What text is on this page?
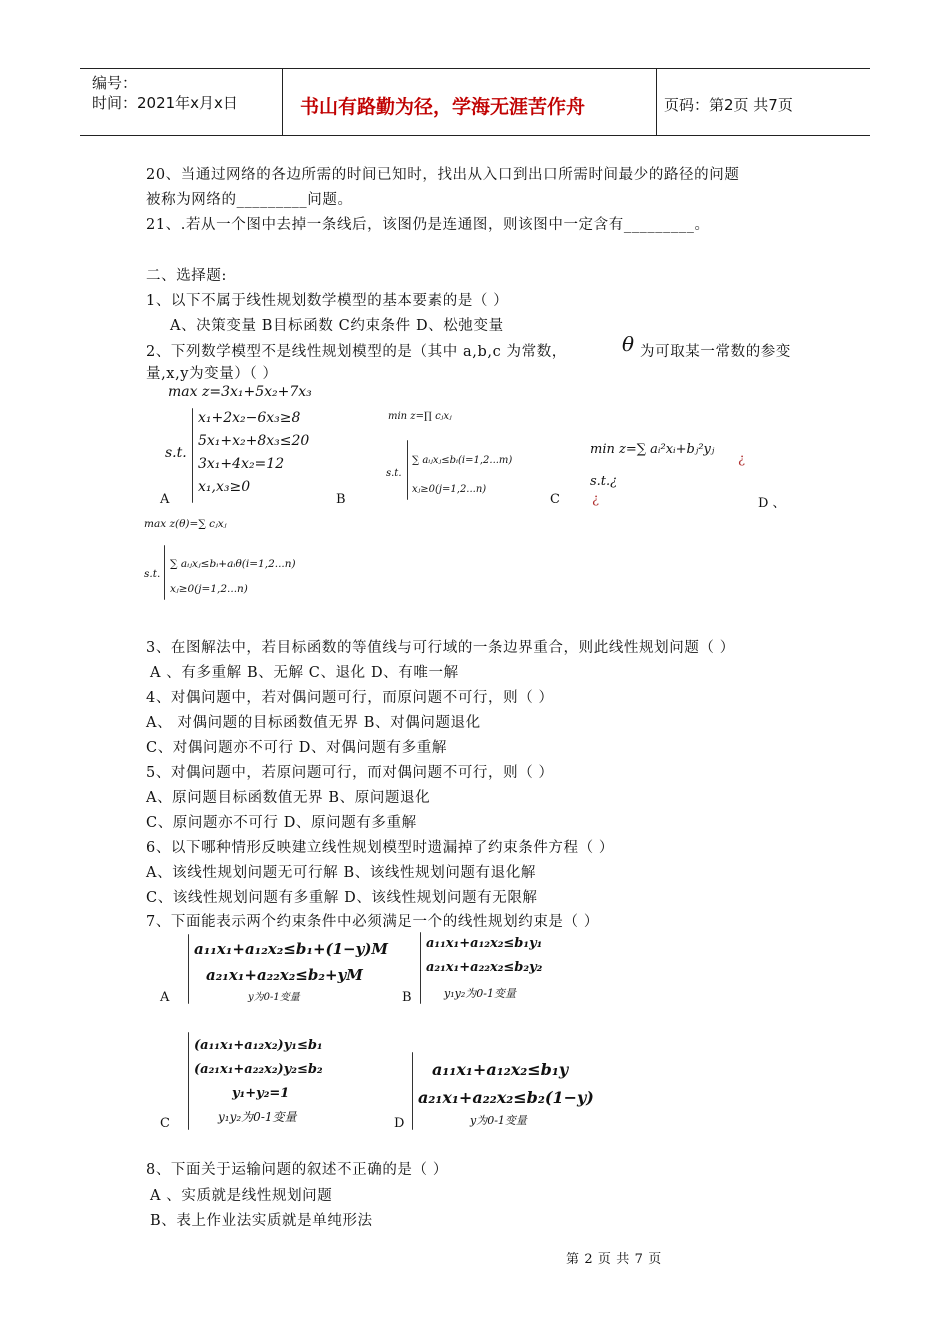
编号：
时间：2021年x月x日	书山有路勤为径，学海无涯苦作舟	页码：第2页 共7页
20、当通过网络的各边所需的时间已知时，找出从入口到出口所需时间最少的路径的问题
被称为网络的_________问题。
21、.若从一个图中去掉一条线后，该图仍是连通图，则该图中一定含有_________。
二、选择题:
1、以下不属于线性规划数学模型的基本要素的是（ ）
A、决策变量 B目标函数 C约束条件 D、松弛变量
2、下列数学模型不是线性规划模型的是（其中 a,b,c 为常数，	θ 为可取某一常数的参变
量,x,y为变量）（ ）
max z=3x₁+5x₂+7x₃
s.t.
x₁+2x₂−6x₃≥8
5x₁+x₂+8x₃≤20
3x₁+4x₂=12
x₁,x₃≥0
A
min z=∏ cⱼxⱼ
s.t.
∑ aᵢⱼxⱼ≤bᵢ(i=1,2...m)
xⱼ≥0(j=1,2...n)
B
min z=∑ aᵢ²xᵢ+bⱼ²yⱼ
¿
s.t.¿
¿
C	D 、
max z(θ)=∑ cⱼxⱼ
s.t.
∑ aᵢⱼxⱼ≤bᵢ+aᵢθ(i=1,2...n)
xⱼ≥0(j=1,2...n)
3、在图解法中，若目标函数的等值线与可行域的一条边界重合，则此线性规划问题（ ）
A 、有多重解 B、无解 C、退化 D、有唯一解
4、对偶问题中，若对偶问题可行，而原问题不可行，则（ ）
A、 对偶问题的目标函数值无界 B、对偶问题退化
C、对偶问题亦不可行 D、对偶问题有多重解
5、对偶问题中，若原问题可行，而对偶问题不可行，则（ ）
A、原问题目标函数值无界 B、原问题退化
C、原问题亦不可行 D、原问题有多重解
6、以下哪种情形反映建立线性规划模型时遗漏掉了约束条件方程（ ）
A、该线性规划问题无可行解 B、该线性规划问题有退化解
C、该线性规划问题有多重解 D、该线性规划问题有无限解
7、下面能表示两个约束条件中必须满足一个的线性规划约束是（ ）
a₁₁x₁+a₁₂x₂≤b₁+(1−y)M
a₂₁x₁+a₂₂x₂≤b₂+yM
y为0-1变量
A
a₁₁x₁+a₁₂x₂≤b₁y₁
a₂₁x₁+a₂₂x₂≤b₂y₂
y₁y₂为0-1变量
B
(a₁₁x₁+a₁₂x₂)y₁≤b₁
(a₂₁x₁+a₂₂x₂)y₂≤b₂
y₁+y₂=1
y₁y₂为0-1变量
C
a₁₁x₁+a₁₂x₂≤b₁y
a₂₁x₁+a₂₂x₂≤b₂(1−y)
y为0-1变量
D
8、下面关于运输问题的叙述不正确的是（ ）
A 、实质就是线性规划问题
B、表上作业法实质就是单纯形法
第 2 页 共 7 页
